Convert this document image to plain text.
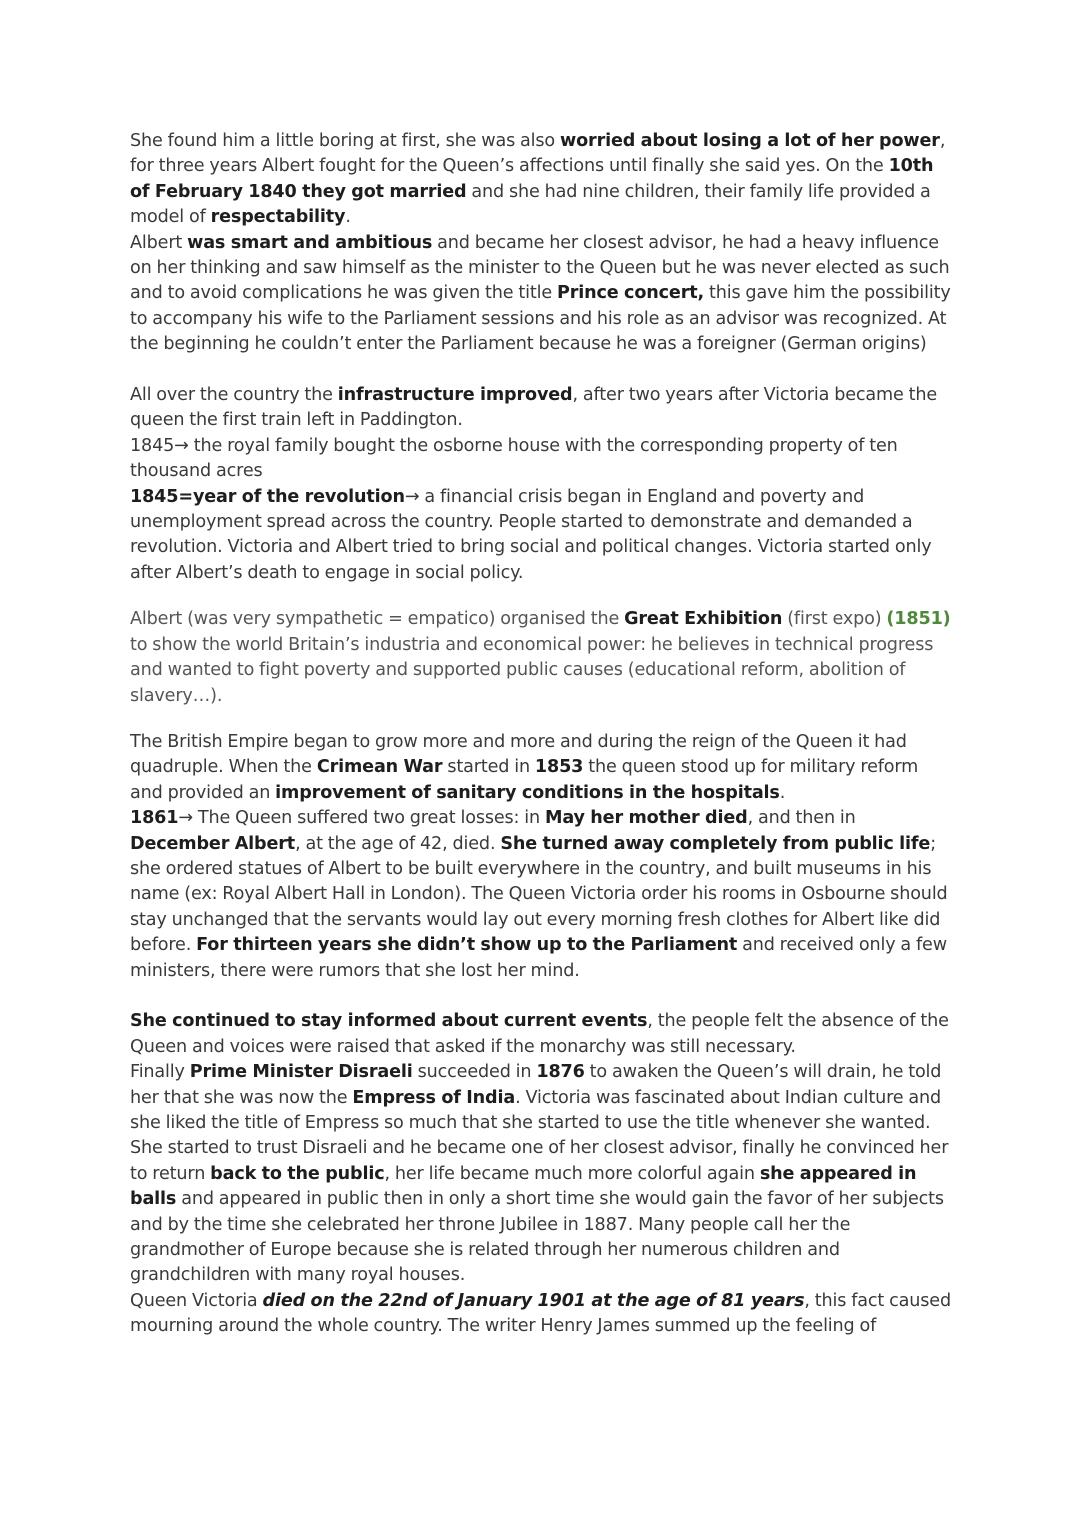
She found him a little boring at first, she was also worried about losing a lot of her power, for three years Albert fought for the Queen’s affections until finally she said yes. On the 10th of February 1840 they got married and she had nine children, their family life provided a model of respectability.

Albert was smart and ambitious and became her closest advisor, he had a heavy influence on her thinking and saw himself as the minister to the Queen but he was never elected as such and to avoid complications he was given the title Prince concert, this gave him the possibility to accompany his wife to the Parliament sessions and his role as an advisor was recognized. At the beginning he couldn’t enter the Parliament because he was a foreigner (German origins)

All over the country the infrastructure improved, after two years after Victoria became the queen the first train left in Paddington.

1845→ the royal family bought the osborne house with the corresponding property of ten thousand acres

1845=year of the revolution→ a financial crisis began in England and poverty and unemployment spread across the country. People started to demonstrate and demanded a revolution. Victoria and Albert tried to bring social and political changes. Victoria started only after Albert’s death to engage in social policy.

Albert (was very sympathetic = empatico) organised the Great Exhibition (first expo) (1851) to show the world Britain’s industria and economical power: he believes in technical progress and wanted to fight poverty and supported public causes (educational reform, abolition of slavery…).

The British Empire began to grow more and more and during the reign of the Queen it had quadruple. When the Crimean War started in 1853 the queen stood up for military reform and provided an improvement of sanitary conditions in the hospitals.

1861→ The Queen suffered two great losses: in May her mother died, and then in December Albert, at the age of 42, died. She turned away completely from public life; she ordered statues of Albert to be built everywhere in the country, and built museums in his name (ex: Royal Albert Hall in London). The Queen Victoria order his rooms in Osbourne should stay unchanged that the servants would lay out every morning fresh clothes for Albert like did before. For thirteen years she didn’t show up to the Parliament and received only a few ministers, there were rumors that she lost her mind.

She continued to stay informed about current events, the people felt the absence of the Queen and voices were raised that asked if the monarchy was still necessary.

Finally Prime Minister Disraeli succeeded in 1876 to awaken the Queen’s will drain, he told her that she was now the Empress of India. Victoria was fascinated about Indian culture and she liked the title of Empress so much that she started to use the title whenever she wanted.

She started to trust Disraeli and he became one of her closest advisor, finally he convinced her to return back to the public, her life became much more colorful again she appeared in balls and appeared in public then in only a short time she would gain the favor of her subjects and by the time she celebrated her throne Jubilee in 1887. Many people call her the grandmother of Europe because she is related through her numerous children and grandchildren with many royal houses.

Queen Victoria died on the 22nd of January 1901 at the age of 81 years, this fact caused mourning around the whole country. The writer Henry James summed up the feeling of
